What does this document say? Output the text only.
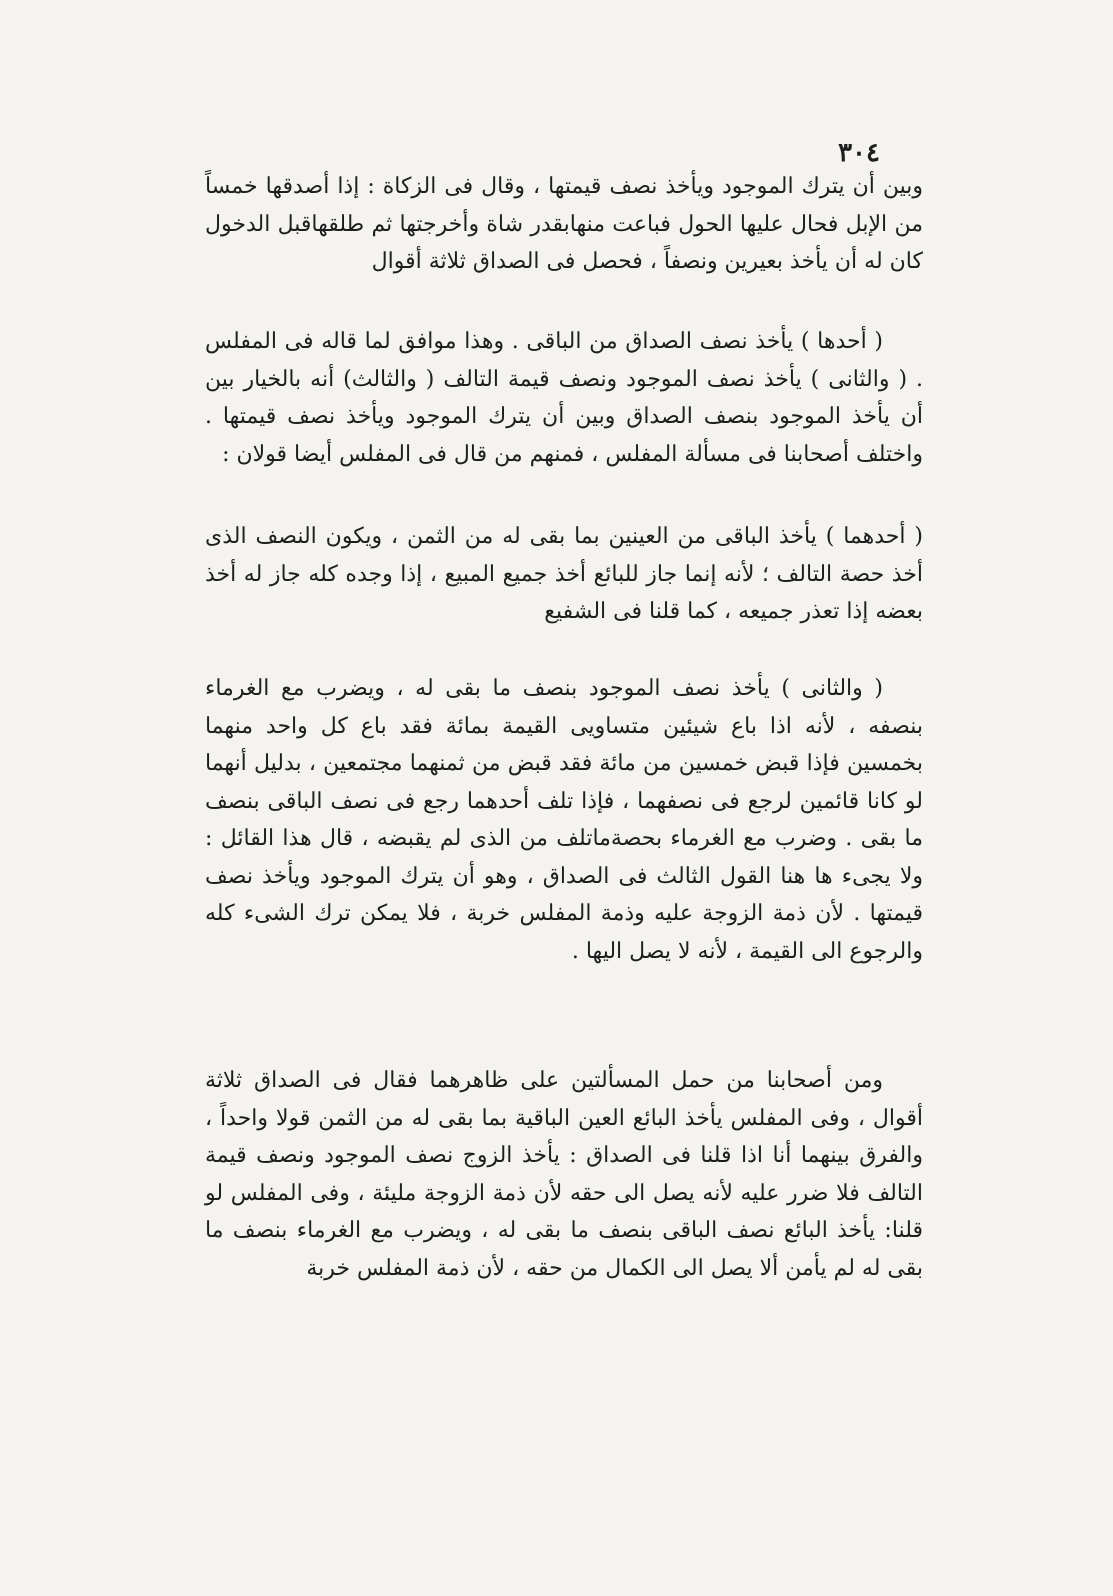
٣٠٤

وبين أن يترك الموجود ويأخذ نصف قيمتها ، وقال فى الزكاة : إذا أصدقها خمساً من الإبل فحال عليها الحول فباعت منهابقدر شاة وأخرجتها ثم طلقهاقبل الدخول كان له أن يأخذ بعيرين ونصفاً ، فحصل فى الصداق ثلاثة أقوال

( أحدها ) يأخذ نصف الصداق من الباقى . وهذا موافق لما قاله فى المفلس . ( والثانى ) يأخذ نصف الموجود ونصف قيمة التالف ( والثالث) أنه بالخيار بين أن يأخذ الموجود بنصف الصداق وبين أن يترك الموجود ويأخذ نصف قيمتها . واختلف أصحابنا فى مسألة المفلس ، فمنهم من قال فى المفلس أيضا قولان :

( أحدهما ) يأخذ الباقى من العينين بما بقى له من الثمن ، ويكون النصف الذى أخذ حصة التالف ؛ لأنه إنما جاز للبائع أخذ جميع المبيع ، إذا وجده كله جاز له أخذ بعضه إذا تعذر جميعه ، كما قلنا فى الشفيع

( والثانى ) يأخذ نصف الموجود بنصف ما بقى له ، ويضرب مع الغرماء بنصفه ، لأنه اذا باع شيئين متساويى القيمة بمائة فقد باع كل واحد منهما بخمسين فإذا قبض خمسين من مائة فقد قبض من ثمنهما مجتمعين ، بدليل أنهما لو كانا قائمين لرجع فى نصفهما ، فإذا تلف أحدهما رجع فى نصف الباقى بنصف ما بقى . وضرب مع الغرماء بحصةماتلف من الذى لم يقبضه ، قال هذا القائل : ولا يجىء ها هنا القول الثالث فى الصداق ، وهو أن يترك الموجود ويأخذ نصف قيمتها . لأن ذمة الزوجة عليه وذمة المفلس خربة ، فلا يمكن ترك الشىء كله والرجوع الى القيمة ، لأنه لا يصل اليها .

ومن أصحابنا من حمل المسألتين على ظاهرهما فقال فى الصداق ثلاثة أقوال ، وفى المفلس يأخذ البائع العين الباقية بما بقى له من الثمن قولا واحداً ، والفرق بينهما أنا اذا قلنا فى الصداق : يأخذ الزوج نصف الموجود ونصف قيمة التالف فلا ضرر عليه لأنه يصل الى حقه لأن ذمة الزوجة مليئة ، وفى المفلس لو قلنا: يأخذ البائع نصف الباقى بنصف ما بقى له ، ويضرب مع الغرماء بنصف ما بقى له لم يأمن ألا يصل الى الكمال من حقه ، لأن ذمة المفلس خربة
